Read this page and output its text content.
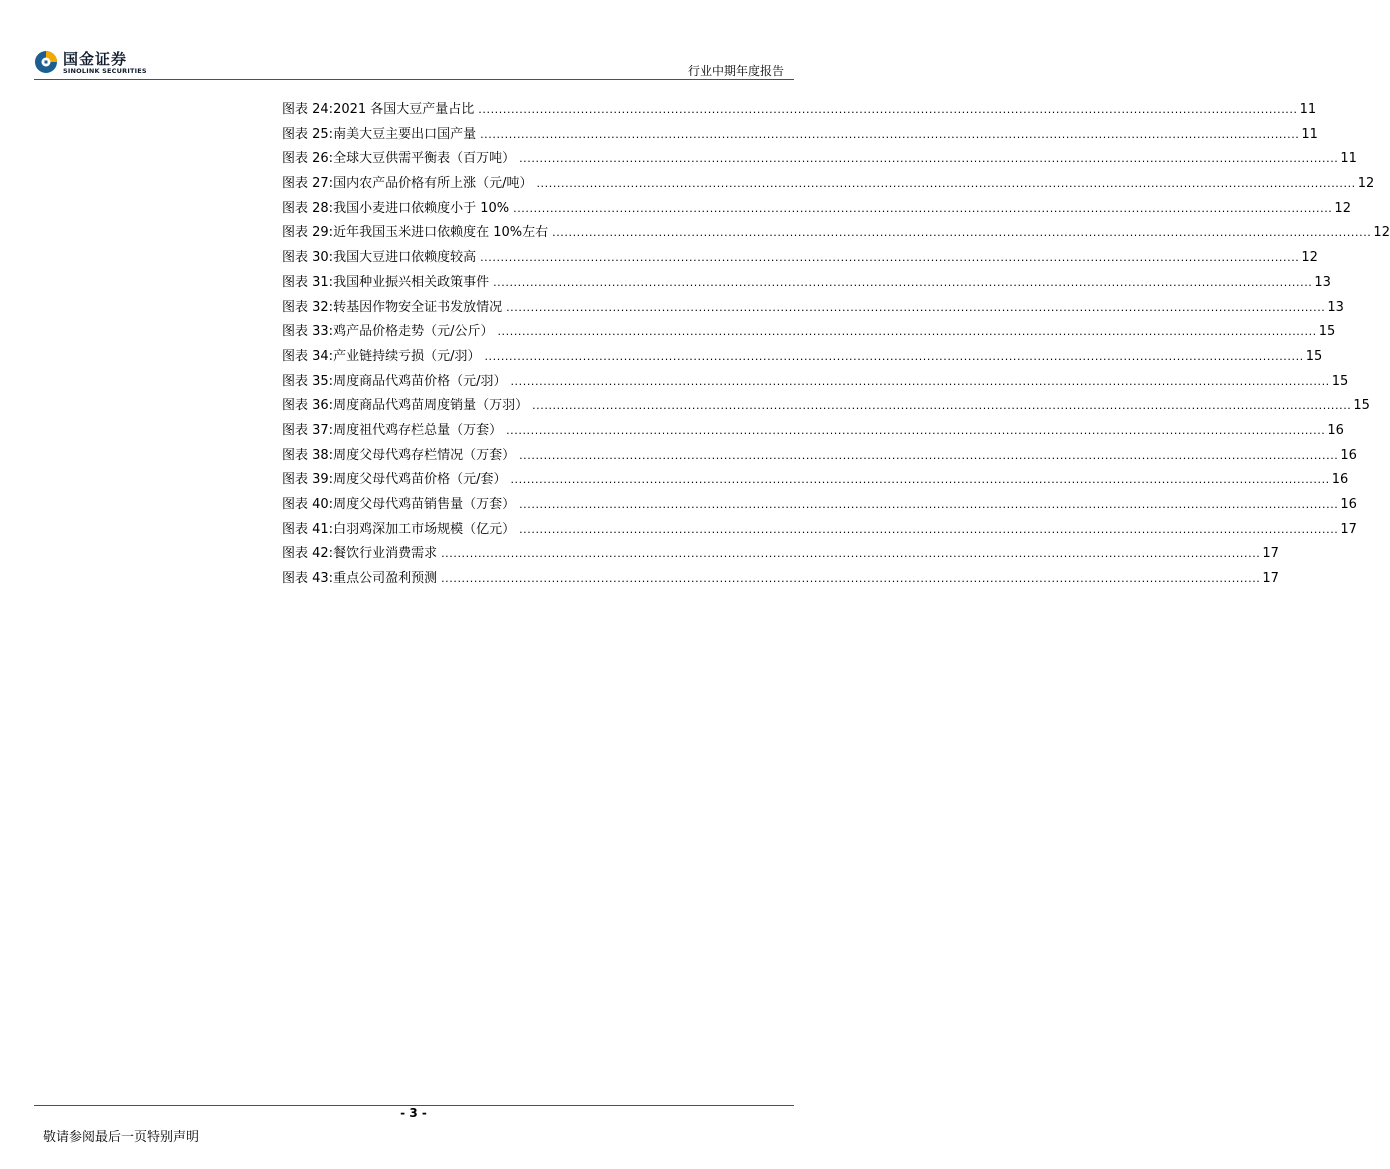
国金证券
SINOLINK SECURITIES	行业中期年度报告
图表 24: 2021 各国大豆产量占比 ........................................................................................................................................................................................................ 11
图表 25: 南美大豆主要出口国产量 ........................................................................................................................................................................................................ 11
图表 26: 全球大豆供需平衡表（百万吨） ........................................................................................................................................................................................................ 11
图表 27: 国内农产品价格有所上涨（元/吨） ........................................................................................................................................................................................................ 12
图表 28: 我国小麦进口依赖度小于 10% ........................................................................................................................................................................................................ 12
图表 29: 近年我国玉米进口依赖度在 10%左右 ........................................................................................................................................................................................................ 12
图表 30: 我国大豆进口依赖度较高 ........................................................................................................................................................................................................ 12
图表 31: 我国种业振兴相关政策事件 ........................................................................................................................................................................................................ 13
图表 32: 转基因作物安全证书发放情况 ........................................................................................................................................................................................................ 13
图表 33: 鸡产品价格走势（元/公斤） ........................................................................................................................................................................................................ 15
图表 34: 产业链持续亏损（元/羽） ........................................................................................................................................................................................................ 15
图表 35: 周度商品代鸡苗价格（元/羽） ........................................................................................................................................................................................................ 15
图表 36: 周度商品代鸡苗周度销量（万羽） ........................................................................................................................................................................................................ 15
图表 37: 周度祖代鸡存栏总量（万套） ........................................................................................................................................................................................................ 16
图表 38: 周度父母代鸡存栏情况（万套） ........................................................................................................................................................................................................ 16
图表 39: 周度父母代鸡苗价格（元/套） ........................................................................................................................................................................................................ 16
图表 40: 周度父母代鸡苗销售量（万套） ........................................................................................................................................................................................................ 16
图表 41: 白羽鸡深加工市场规模（亿元） ........................................................................................................................................................................................................ 17
图表 42: 餐饮行业消费需求 ........................................................................................................................................................................................................ 17
图表 43: 重点公司盈利预测 ........................................................................................................................................................................................................ 17
- 3 -
敬请参阅最后一页特别声明
